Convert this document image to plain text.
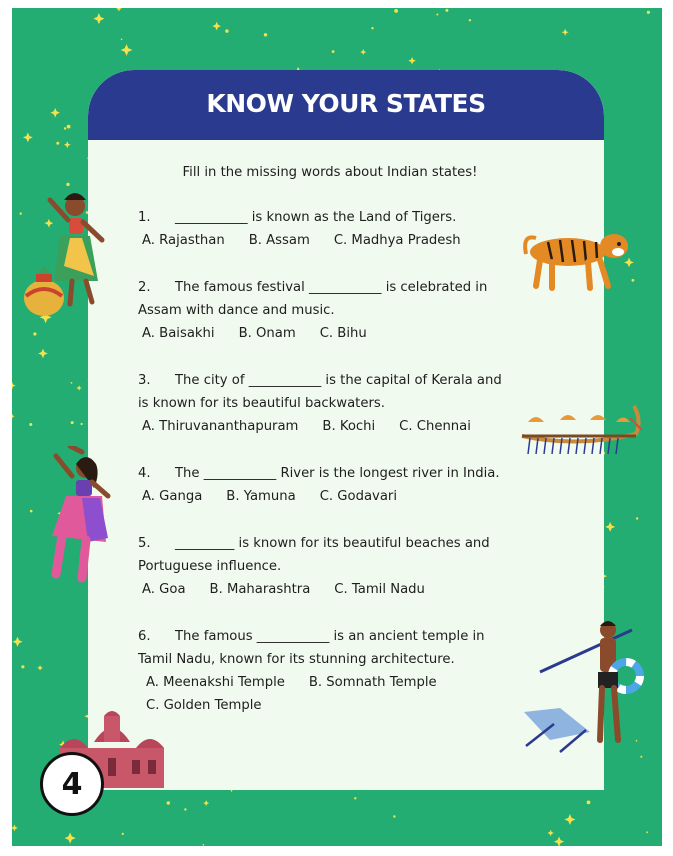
KNOW YOUR STATES
Fill in the missing words about Indian states!
1. ___________ is known as the Land of Tigers.
A. Rajasthan B. Assam C. Madhya Pradesh
2. The famous festival ___________ is celebrated in
Assam with dance and music.
A. Baisakhi B. Onam C. Bihu
3. The city of ___________ is the capital of Kerala and
is known for its beautiful backwaters.
A. Thiruvananthapuram B. Kochi C. Chennai
4. The ___________ River is the longest river in India.
A. Ganga B. Yamuna C. Godavari
5. _________ is known for its beautiful beaches and
Portuguese influence.
A. Goa B. Maharashtra C. Tamil Nadu
6. The famous ___________ is an ancient temple in
Tamil Nadu, known for its stunning architecture.
A. Meenakshi Temple B. Somnath Temple
C. Golden Temple
4
